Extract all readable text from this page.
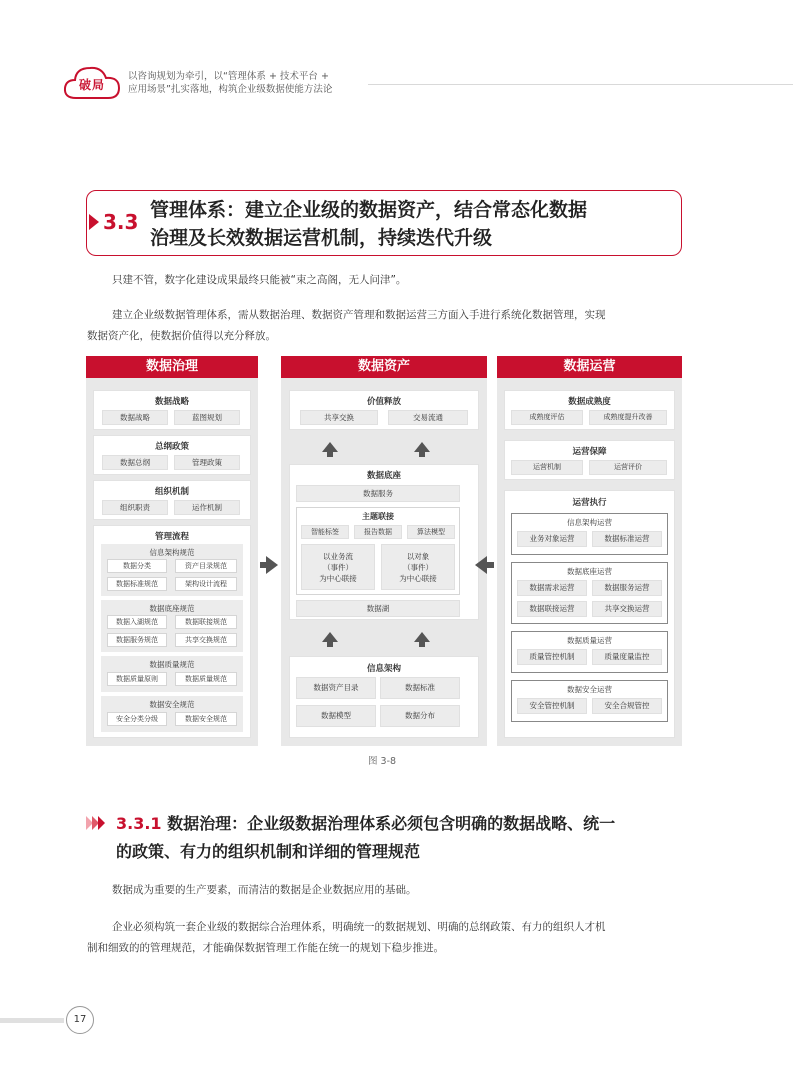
破局
以咨询规划为牵引，以“管理体系 + 技术平台 +
应用场景”扎实落地，构筑企业级数据使能方法论
3.3 管理体系：建立企业级的数据资产，结合常态化数据
治理及长效数据运营机制，持续迭代升级
只建不管，数字化建设成果最终只能被“束之高阁，无人问津”。
建立企业级数据管理体系，需从数据治理、数据资产管理和数据运营三方面入手进行系统化数据管理，实现
数据资产化，使数据价值得以充分释放。
数据治理
数据战略
数据战略	蓝图规划
总纲政策
数据总纲	管理政策
组织机制
组织职责	运作机制
管理流程
信息架构规范
数据分类	资产目录规范
数据标准规范	架构设计流程
数据底座规范
数据入湖规范	数据联接规范
数据服务规范	共享交换规范
数据质量规范
数据质量原则	数据质量规范
数据安全规范
安全分类分级	数据安全规范
数据资产
价值释放
共享交换	交易流通
数据底座
数据服务
主题联接
智能标签	报告数据	算法模型
以业务流
（事件）
为中心联接
以对象
（事件）
为中心联接
数据湖
信息架构
数据资产目录	数据标准
数据模型	数据分布
数据运营
数据成熟度
成熟度评估	成熟度提升改善
运营保障
运营机制	运营评价
运营执行
信息架构运营
业务对象运营	数据标准运营
数据底座运营
数据需求运营	数据服务运营
数据联接运营	共享交换运营
数据质量运营
质量管控机制	质量度量监控
数据安全运营
安全管控机制	安全合规管控
图 3-8
3.3.1 数据治理：企业级数据治理体系必须包含明确的数据战略、统一
的政策、有力的组织机制和详细的管理规范
数据成为重要的生产要素，而清洁的数据是企业数据应用的基础。
企业必须构筑一套企业级的数据综合治理体系，明确统一的数据规划、明确的总纲政策、有力的组织人才机
制和细致的的管理规范，才能确保数据管理工作能在统一的规划下稳步推进。
17
